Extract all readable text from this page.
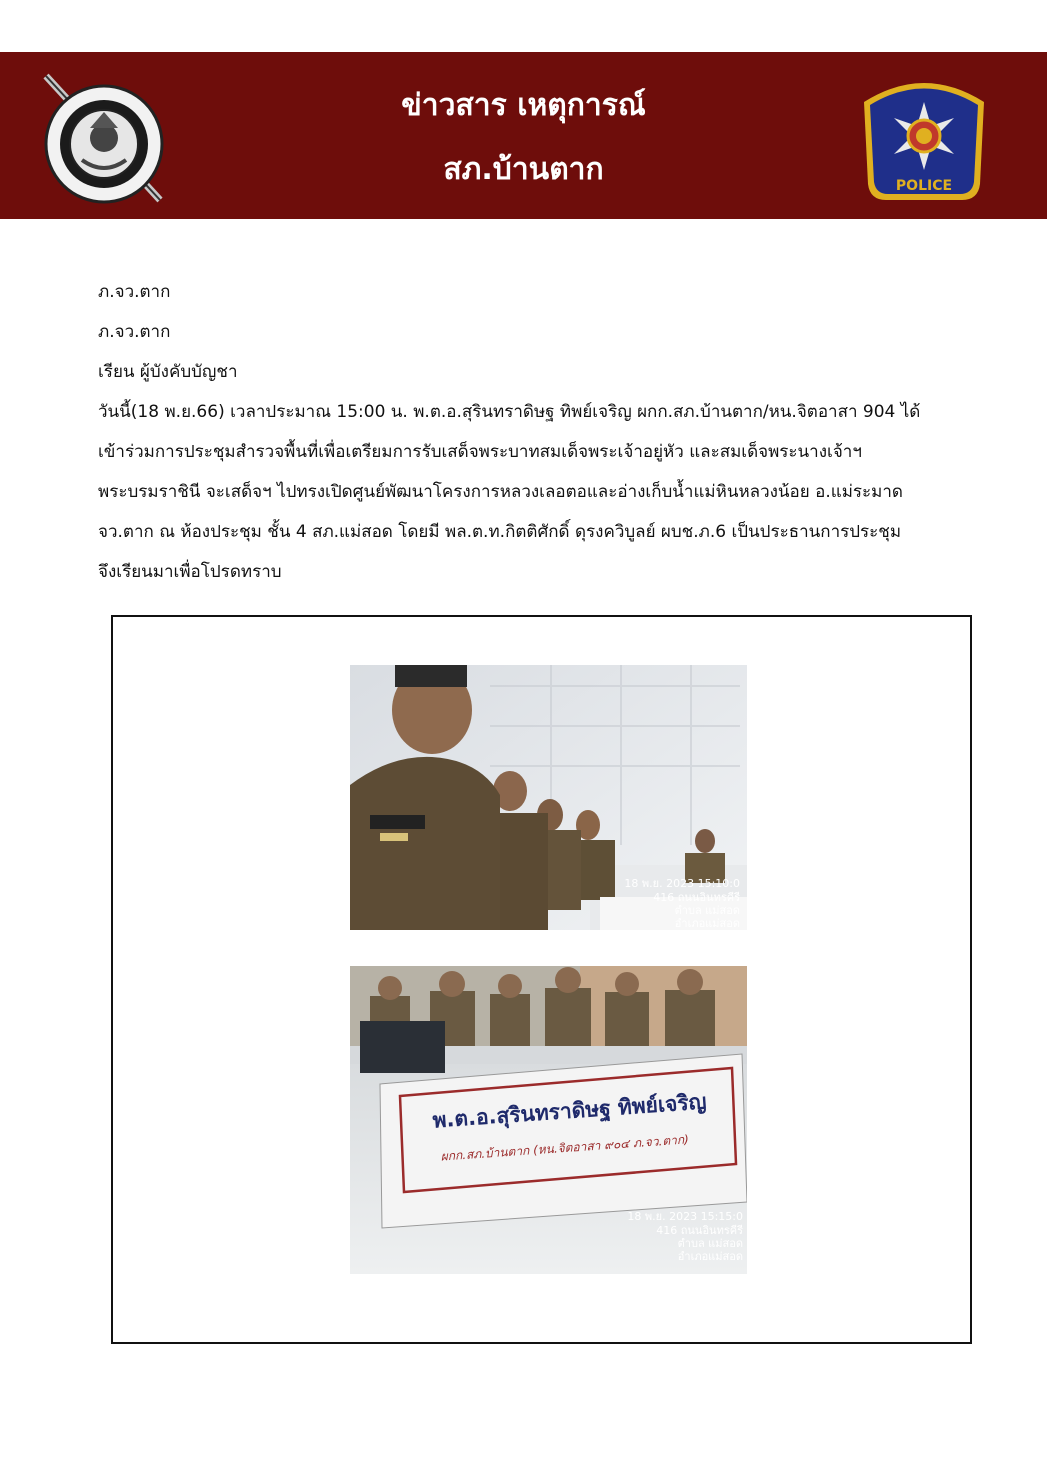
ข่าวสาร เหตุการณ์
สภ.บ้านตาก	POLICE

ภ.จว.ตาก

ภ.จว.ตาก

เรียน ผู้บังคับบัญชา

วันนี้(18 พ.ย.66) เวลาประมาณ 15:00 น. พ.ต.อ.สุรินทราดิษฐ ทิพย์เจริญ ผกก.สภ.บ้านตาก/หน.จิตอาสา 904 ได้

เข้าร่วมการประชุมสำรวจพื้นที่เพื่อเตรียมการรับเสด็จพระบาทสมเด็จพระเจ้าอยู่หัว และสมเด็จพระนางเจ้าฯ

พระบรมราชินี จะเสด็จฯ ไปทรงเปิดศูนย์พัฒนาโครงการหลวงเลอตอและอ่างเก็บน้ำแม่หินหลวงน้อย อ.แม่ระมาด

จว.ตาก ณ ห้องประชุม ชั้น 4 สภ.แม่สอด โดยมี พล.ต.ท.กิตติศักดิ์ ดุรงควิบูลย์ ผบช.ภ.6 เป็นประธานการประชุม

จึงเรียนมาเพื่อโปรดทราบ

18 พ.ย. 2023 15:10:0
416 ถนนอินทรคีรี
ตำบล แม่สอด
อำเภอแม่สอด
พ.ต.อ.สุรินทราดิษฐ ทิพย์เจริญ
ผกก.สภ.บ้านตาก (หน.จิตอาสา ๙๐๔ ภ.จว.ตาก)
18 พ.ย. 2023 15:15:0
416 ถนนอินทรคีรี
ตำบล แม่สอด
อำเภอแม่สอด
